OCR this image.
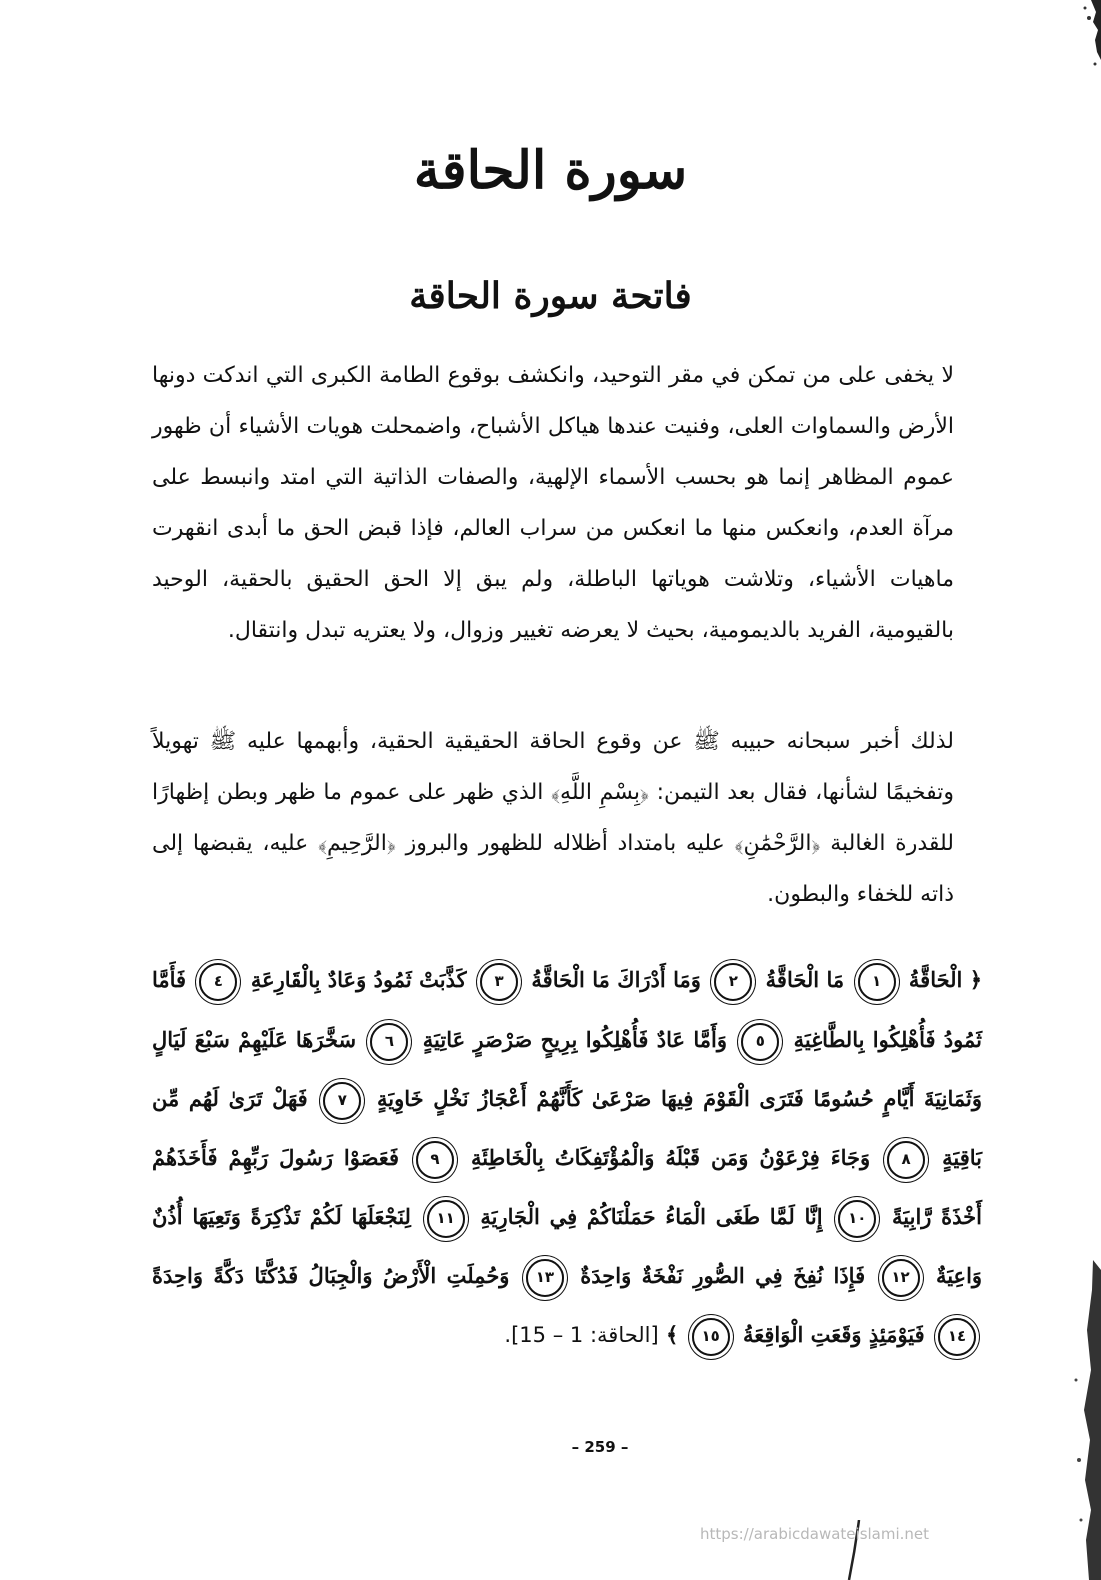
سورة الحاقة
فاتحة سورة الحاقة

لا يخفى على من تمكن في مقر التوحيد، وانكشف بوقوع الطامة الكبرى التي اندكت دونها الأرض والسماوات العلى، وفنيت عندها هياكل الأشباح، واضمحلت هويات الأشياء أن ظهور عموم المظاهر إنما هو بحسب الأسماء الإلهية، والصفات الذاتية التي امتد وانبسط على مرآة العدم، وانعكس منها ما انعكس من سراب العالم، فإذا قبض الحق ما أبدى انقهرت ماهيات الأشياء، وتلاشت هوياتها الباطلة، ولم يبق إلا الحق الحقيق بالحقية، الوحيد بالقيومية، الفريد بالديمومية، بحيث لا يعرضه تغيير وزوال، ولا يعتريه تبدل وانتقال.

لذلك أخبر سبحانه حبيبه ﷺ عن وقوع الحاقة الحقيقية الحقية، وأبهمها عليه ﷺ تهويلاً وتفخيمًا لشأنها، فقال بعد التيمن: ﴿بِسْمِ اللَّهِ﴾ الذي ظهر على عموم ما ظهر وبطن إظهارًا للقدرة الغالبة ﴿الرَّحْمَٰنِ﴾ عليه بامتداد أظلاله للظهور والبروز ﴿الرَّحِيمِ﴾ عليه، يقبضها إلى ذاته للخفاء والبطون.

﴿ الْحَاقَّةُ ١ مَا الْحَاقَّةُ ٢ وَمَا أَدْرَاكَ مَا الْحَاقَّةُ ٣ كَذَّبَتْ ثَمُودُ وَعَادٌ بِالْقَارِعَةِ ٤ فَأَمَّا ثَمُودُ فَأُهْلِكُوا بِالطَّاغِيَةِ ٥ وَأَمَّا عَادٌ فَأُهْلِكُوا بِرِيحٍ صَرْصَرٍ عَاتِيَةٍ ٦ سَخَّرَهَا عَلَيْهِمْ سَبْعَ لَيَالٍ وَثَمَانِيَةَ أَيَّامٍ حُسُومًا فَتَرَى الْقَوْمَ فِيهَا صَرْعَىٰ كَأَنَّهُمْ أَعْجَازُ نَخْلٍ خَاوِيَةٍ ٧ فَهَلْ تَرَىٰ لَهُم مِّن بَاقِيَةٍ ٨ وَجَاءَ فِرْعَوْنُ وَمَن قَبْلَهُ وَالْمُؤْتَفِكَاتُ بِالْخَاطِئَةِ ٩ فَعَصَوْا رَسُولَ رَبِّهِمْ فَأَخَذَهُمْ أَخْذَةً رَّابِيَةً ١٠ إِنَّا لَمَّا طَغَى الْمَاءُ حَمَلْنَاكُمْ فِي الْجَارِيَةِ ١١ لِنَجْعَلَهَا لَكُمْ تَذْكِرَةً وَتَعِيَهَا أُذُنٌ وَاعِيَةٌ ١٢ فَإِذَا نُفِخَ فِي الصُّورِ نَفْخَةٌ وَاحِدَةٌ ١٣ وَحُمِلَتِ الْأَرْضُ وَالْجِبَالُ فَدُكَّتَا دَكَّةً وَاحِدَةً ١٤ فَيَوْمَئِذٍ وَقَعَتِ الْوَاقِعَةُ ١٥ ﴾ [الحاقة: 1 – 15].
– 259 –
https://arabicdawateislami.net
